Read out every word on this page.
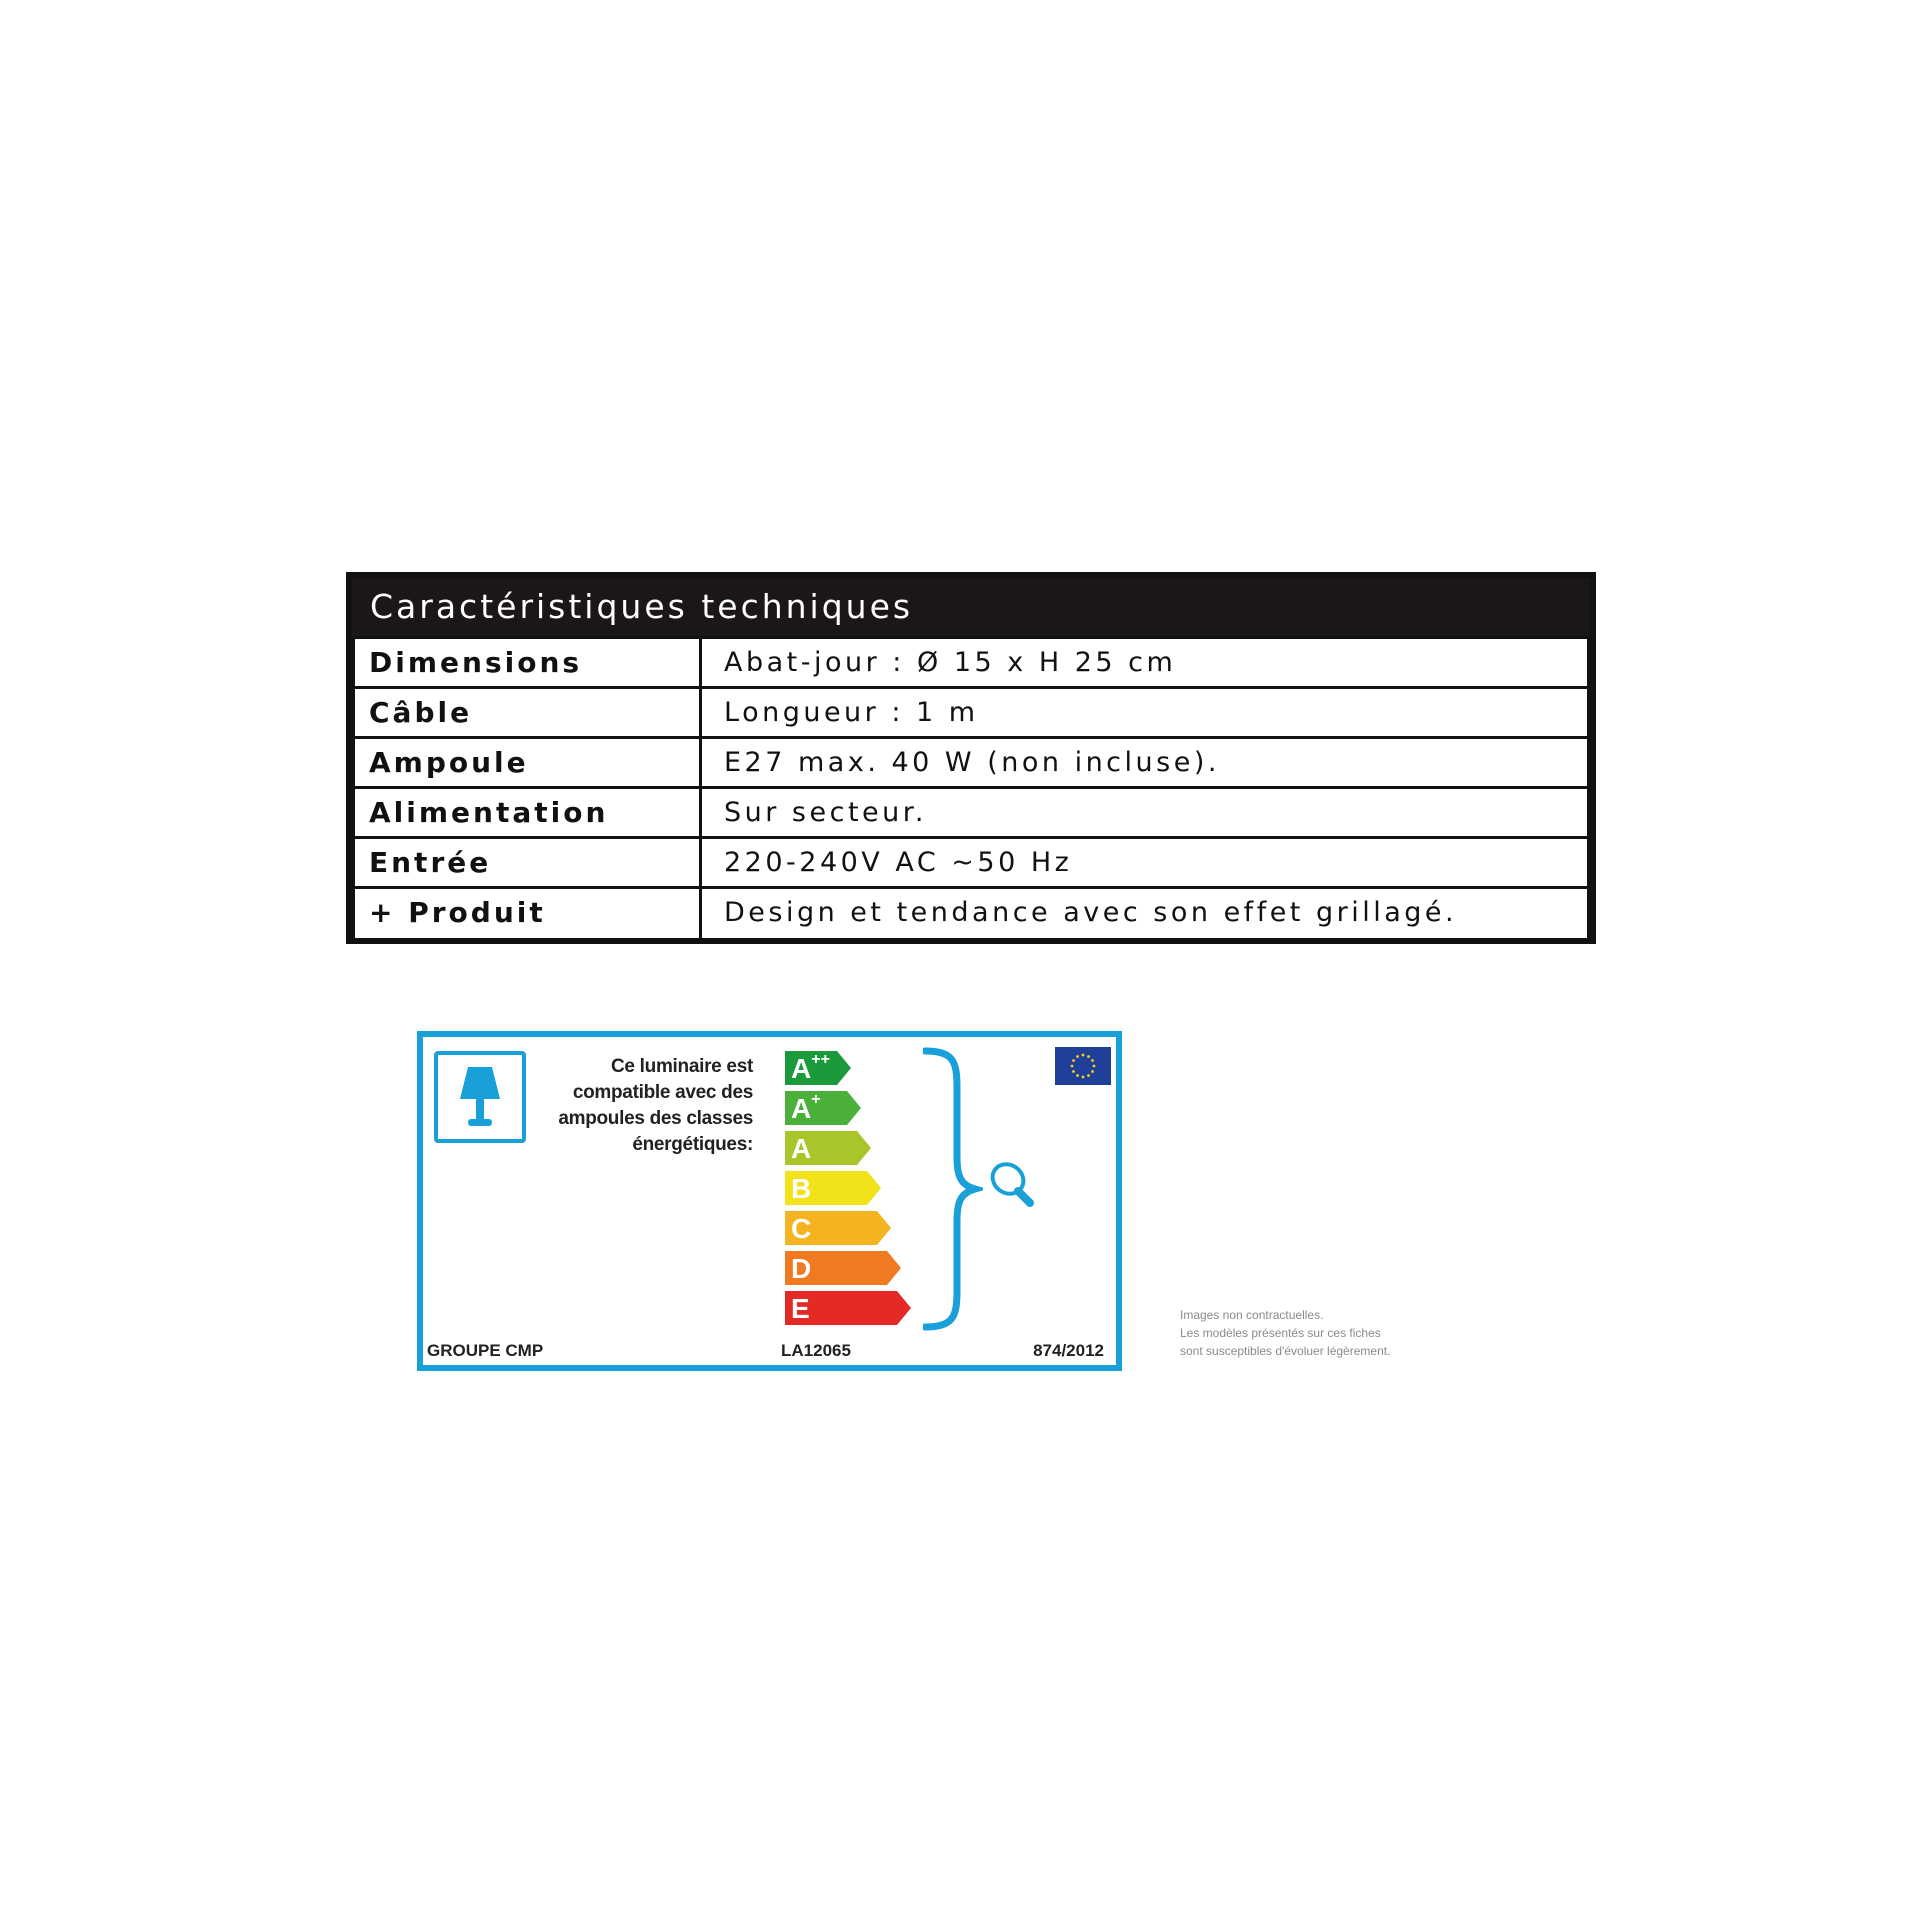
Caractéristiques techniques
Dimensions	Abat-jour : Ø 15 x H 25 cm
Câble	Longueur : 1 m
Ampoule	E27 max. 40 W (non incluse).
Alimentation	Sur secteur.
Entrée	220-240V AC ~50 Hz
+ Produit	Design et tendance avec son effet grillagé.
Ce luminaire est
compatible avec des
ampoules des classes
énergétiques:
A++
A+
A
B
C
D
E
GROUPE CMP	LA12065	874/2012
Images non contractuelles.
Les modèles présentés sur ces fiches
sont susceptibles d'évoluer légèrement.
